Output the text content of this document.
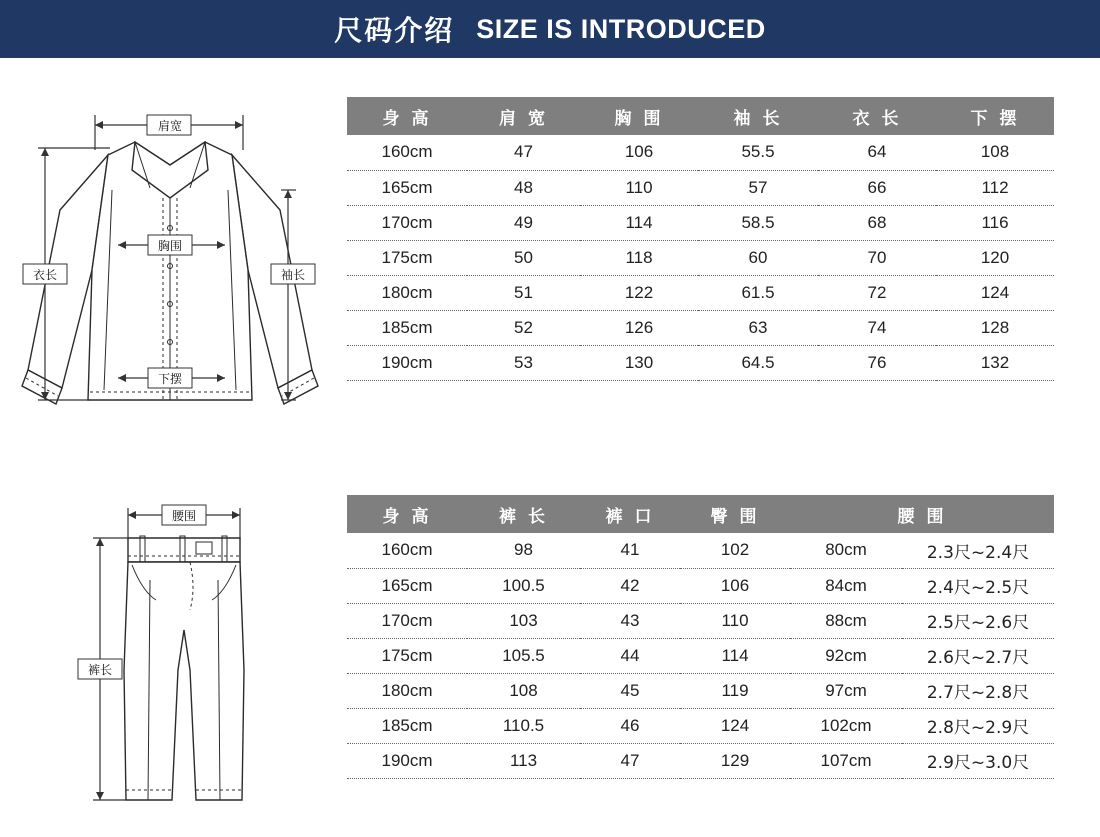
尺码介绍 SIZE IS INTRODUCED
肩宽
胸围
下摆
衣长	袖长
身 高	肩 宽	胸 围	袖 长	衣 长	下 摆
160cm	47	106	55.5	64	108
165cm	48	110	57	66	112
170cm	49	114	58.5	68	116
175cm	50	118	60	70	120
180cm	51	122	61.5	72	124
185cm	52	126	63	74	128
190cm	53	130	64.5	76	132
腰围
裤长
身 高	裤 长	裤 口	臀 围	腰 围	
160cm	98	41	102	80cm	2.3尺~2.4尺
165cm	100.5	42	106	84cm	2.4尺~2.5尺
170cm	103	43	110	88cm	2.5尺~2.6尺
175cm	105.5	44	114	92cm	2.6尺~2.7尺
180cm	108	45	119	97cm	2.7尺~2.8尺
185cm	110.5	46	124	102cm	2.8尺~2.9尺
190cm	113	47	129	107cm	2.9尺~3.0尺
